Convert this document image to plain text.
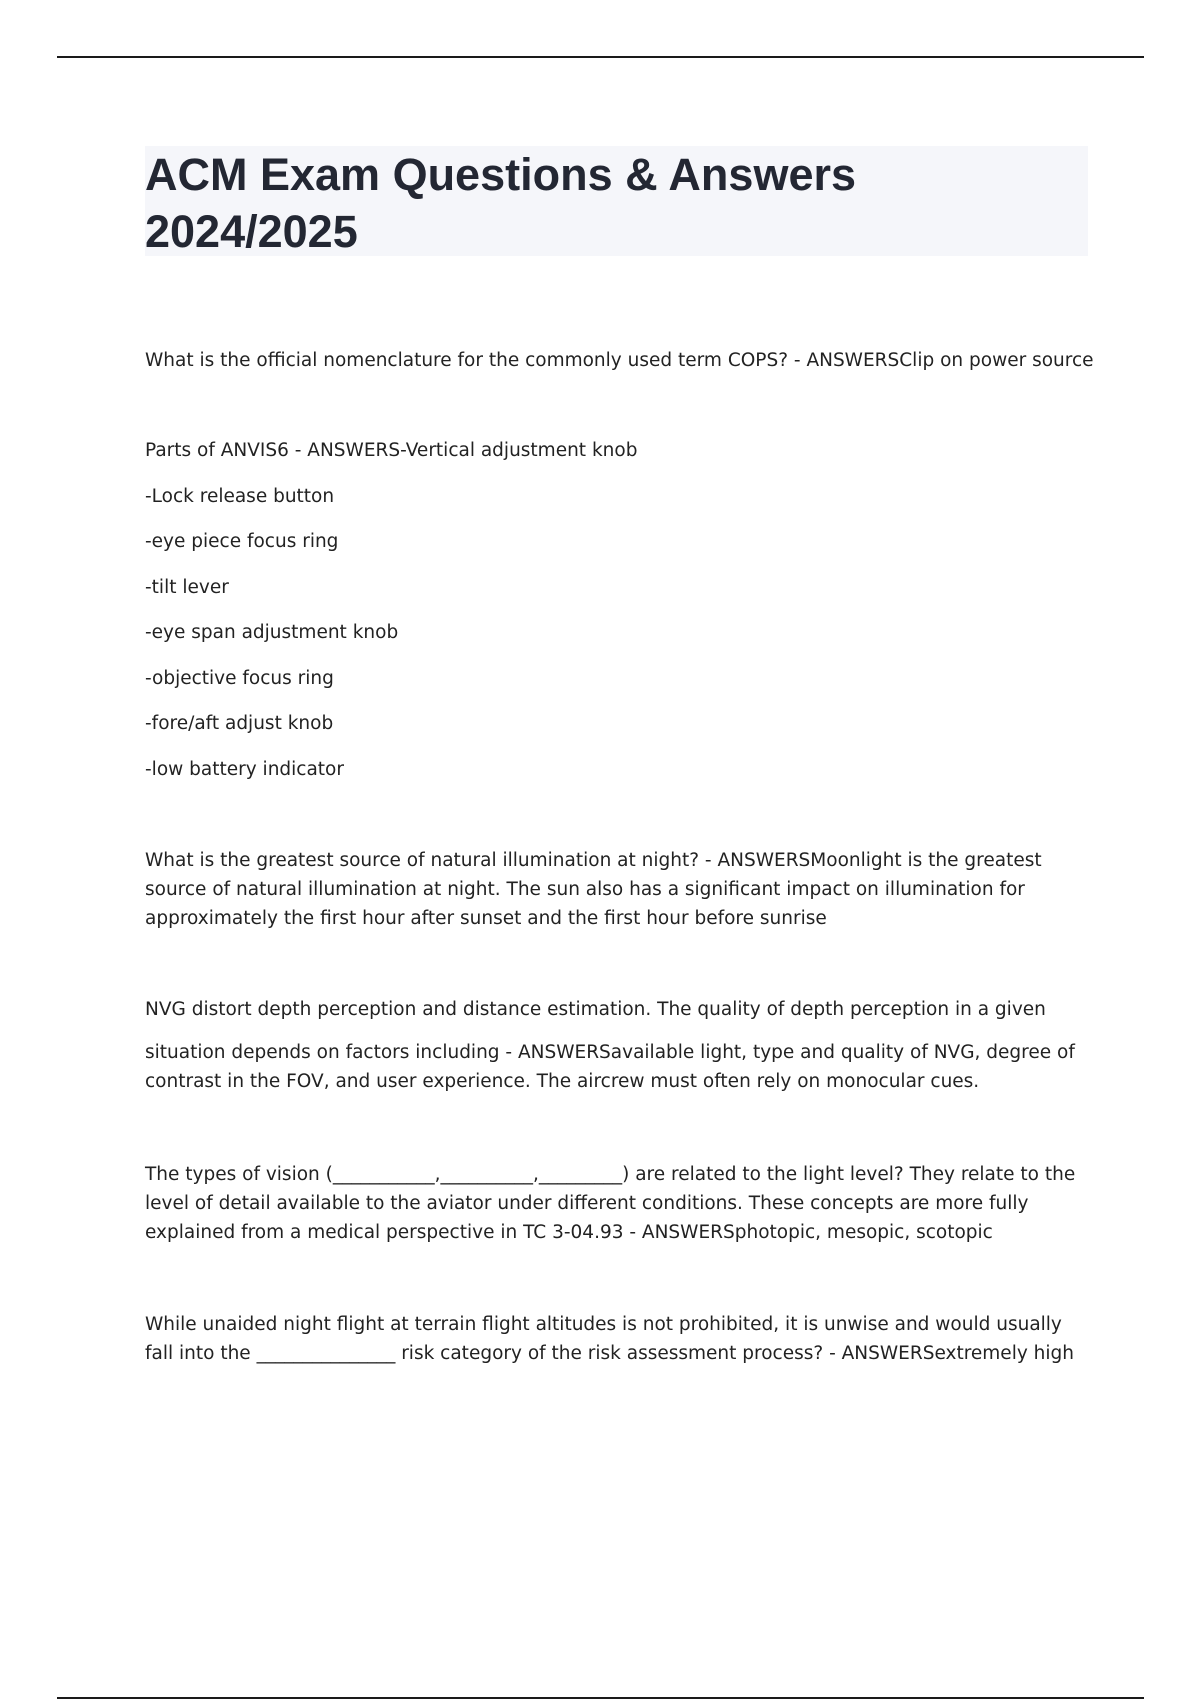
ACM Exam Questions & Answers
2024/2025

What is the official nomenclature for the commonly used term COPS? - ANSWERSClip on power source

Parts of ANVIS6 - ANSWERS-Vertical adjustment knob

-Lock release button

-eye piece focus ring

-tilt lever

-eye span adjustment knob

-objective focus ring

-fore/aft adjust knob

-low battery indicator

What is the greatest source of natural illumination at night? - ANSWERSMoonlight is the greatest source of natural illumination at night. The sun also has a significant impact on illumination for approximately the first hour after sunset and the first hour before sunrise

NVG distort depth perception and distance estimation. The quality of depth perception in a given

situation depends on factors including - ANSWERSavailable light, type and quality of NVG, degree of contrast in the FOV, and user experience. The aircrew must often rely on monocular cues.

The types of vision (___________,__________,_________) are related to the light level? They relate to the level of detail available to the aviator under different conditions. These concepts are more fully explained from a medical perspective in TC 3-04.93 - ANSWERSphotopic, mesopic, scotopic

While unaided night flight at terrain flight altitudes is not prohibited, it is unwise and would usually fall into the _______________ risk category of the risk assessment process? - ANSWERSextremely high
